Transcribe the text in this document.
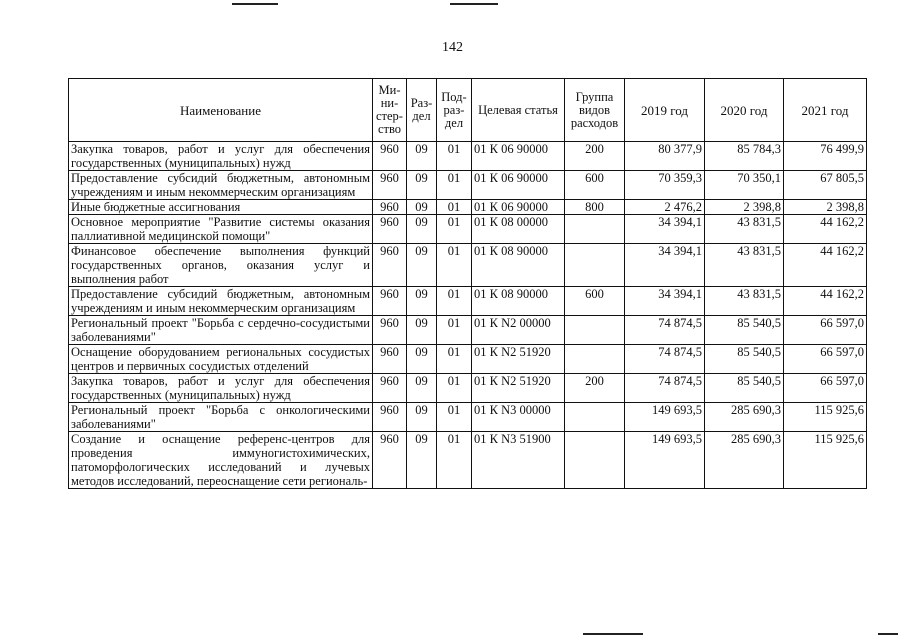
142
Наименование	Ми-ни-стер-ство	Раз-дел	Под-раз-дел	Целевая статья	Группа видов расходов	2019 год	2020 год	2021 год

Закупка товаров, работ и услуг для обеспечения государственных (муниципальных) нужд	960	09	01	01 К 06 90000	200	80 377,9	85 784,3	76 499,9

Предоставление субсидий бюджетным, автономным учреждениям и иным некоммерческим организациям	960	09	01	01 К 06 90000	600	70 359,3	70 350,1	67 805,5

Иные бюджетные ассигнования	960	09	01	01 К 06 90000	800	2 476,2	2 398,8	2 398,8

Основное мероприятие "Развитие системы оказания паллиативной медицинской помощи"	960	09	01	01 К 08 00000		34 394,1	43 831,5	44 162,2

Финансовое обеспечение выполнения функций государственных органов, оказания услуг и выполнения работ	960	09	01	01 К 08 90000		34 394,1	43 831,5	44 162,2

Предоставление субсидий бюджетным, автономным учреждениям и иным некоммерческим организациям	960	09	01	01 К 08 90000	600	34 394,1	43 831,5	44 162,2

Региональный проект "Борьба с сердечно-сосудистыми заболеваниями"	960	09	01	01 К N2 00000		74 874,5	85 540,5	66 597,0

Оснащение оборудованием региональных сосудистых центров и первичных сосудистых отделений	960	09	01	01 К N2 51920		74 874,5	85 540,5	66 597,0

Закупка товаров, работ и услуг для обеспечения государственных (муниципальных) нужд	960	09	01	01 К N2 51920	200	74 874,5	85 540,5	66 597,0

Региональный проект "Борьба с онкологическими заболеваниями"	960	09	01	01 К N3 00000		149 693,5	285 690,3	115 925,6

Создание и оснащение референс-центров для проведения иммуногистохимических, патоморфологических исследований и лучевых методов исследований, переоснащение сети региональ-	960	09	01	01 К N3 51900		149 693,5	285 690,3	115 925,6
